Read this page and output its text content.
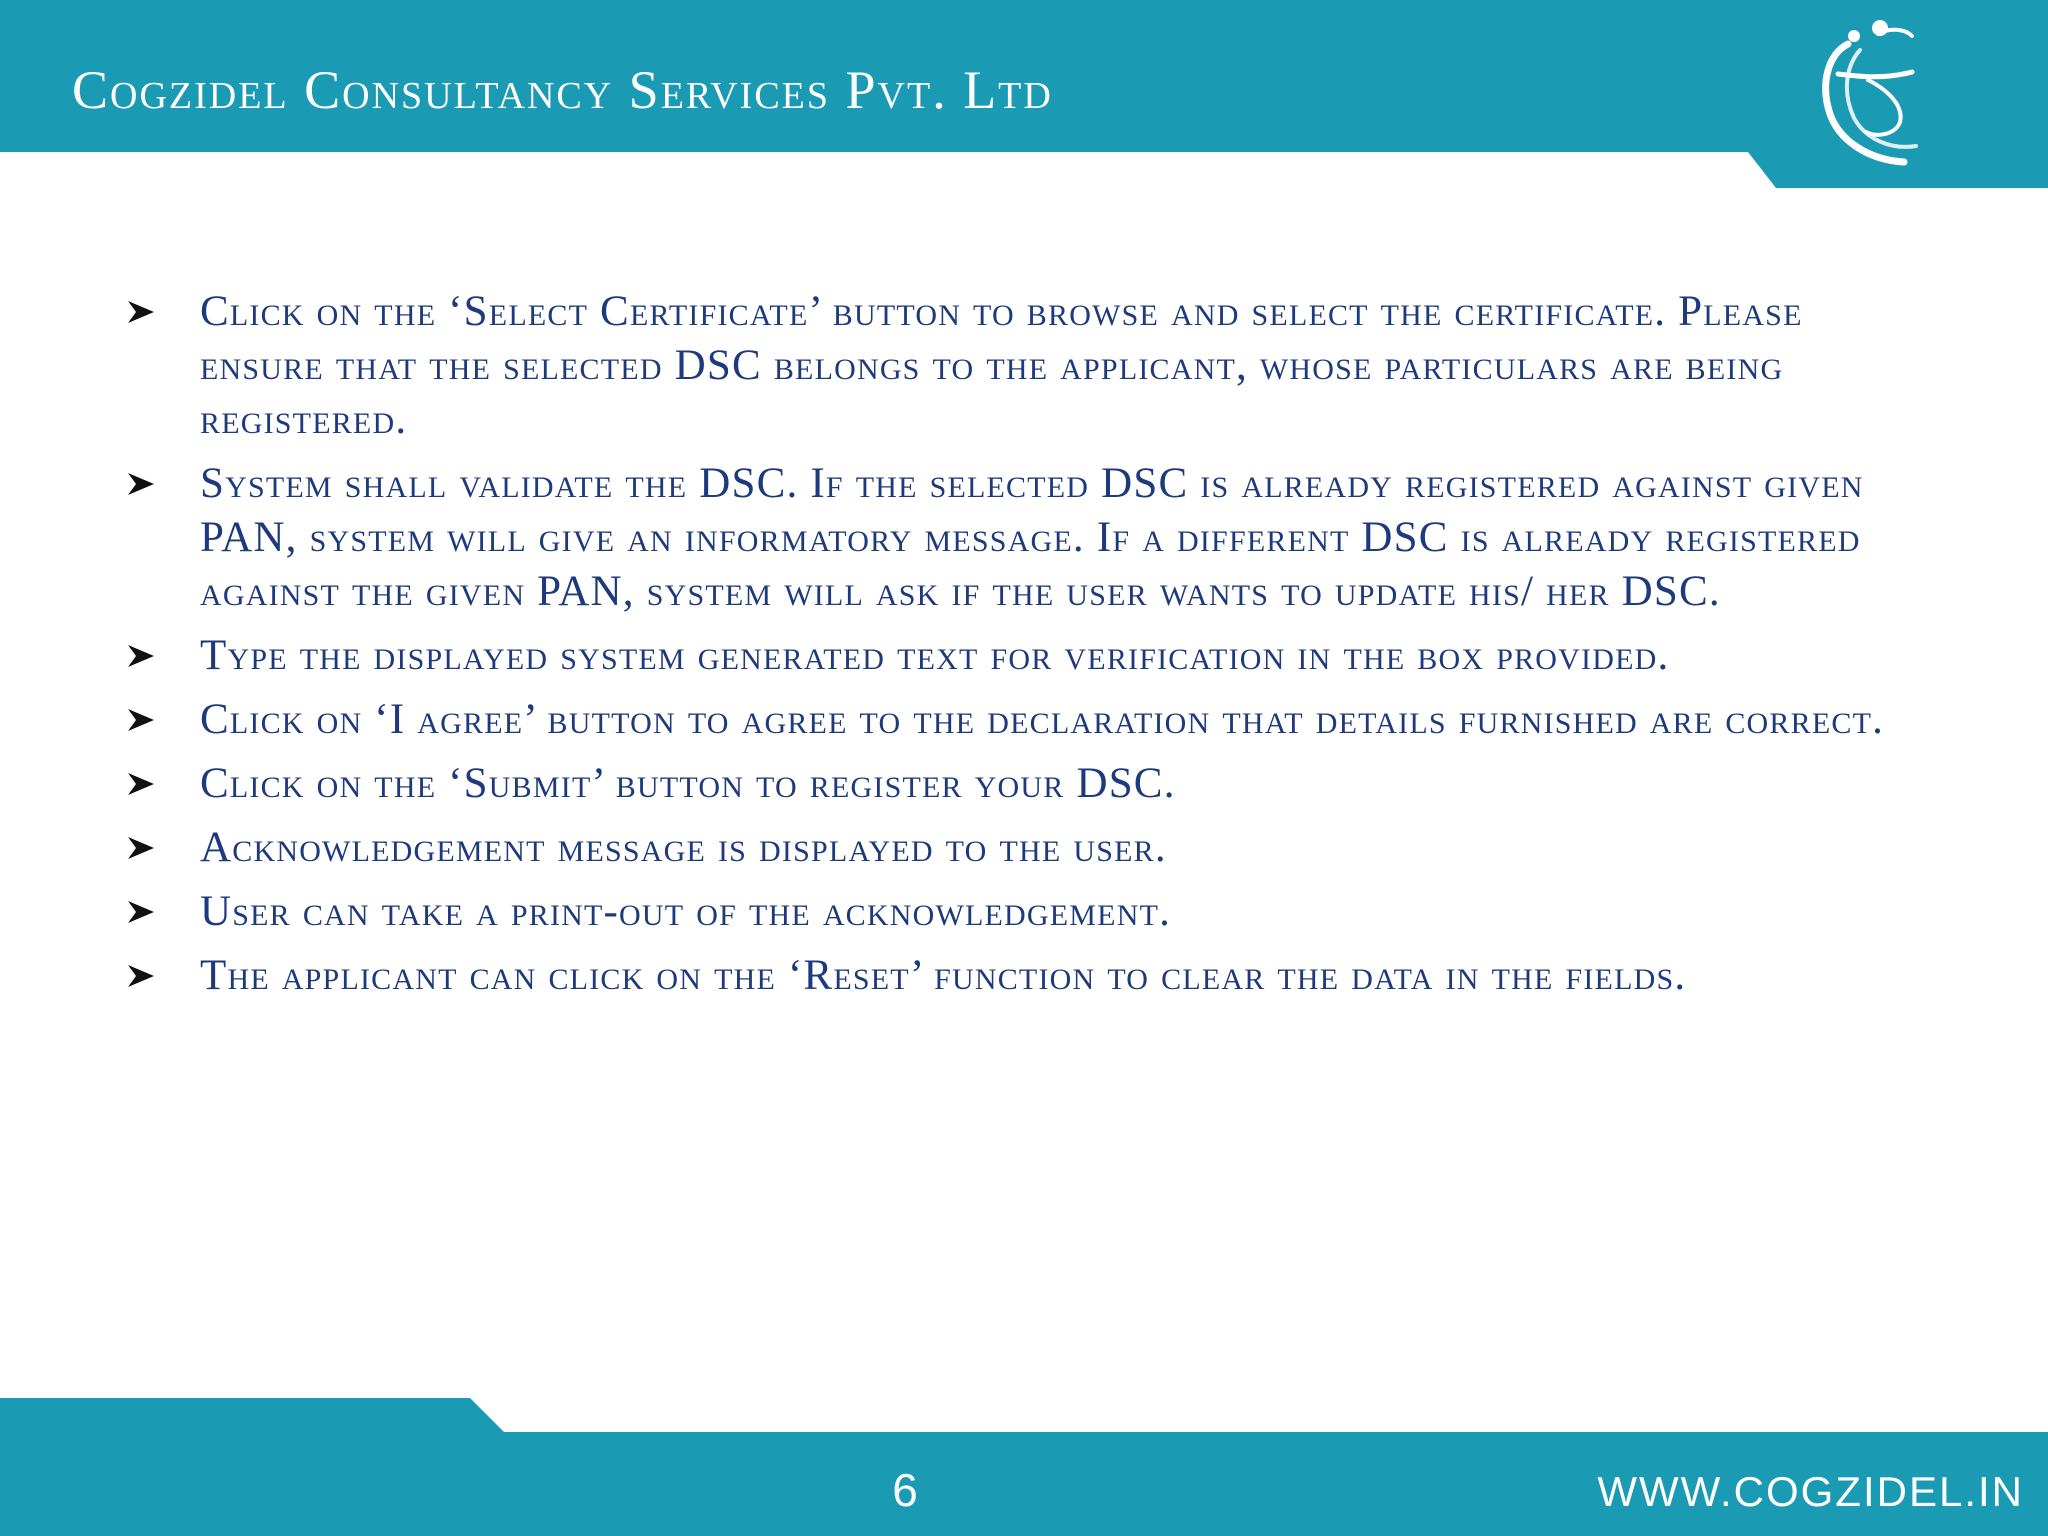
Cogzidel Consultancy Services Pvt. Ltd
Click on the ‘Select Certificate’ button to browse and select the certificate. Please ensure that the selected DSC belongs to the applicant, whose particulars are being registered.
System shall validate the DSC. If the selected DSC is already registered against given PAN, system will give an informatory message. If a different DSC is already registered against the given PAN, system will ask if the user wants to update his/ her DSC.
Type the displayed system generated text for verification in the box provided.
Click on ‘I agree’ button to agree to the declaration that details furnished are correct.
Click on the ‘Submit’ button to register your DSC.
Acknowledgement message is displayed to the user.
User can take a print-out of the acknowledgement.
The applicant can click on the ‘Reset’ function to clear the data in the fields.
6	WWW.COGZIDEL.IN
